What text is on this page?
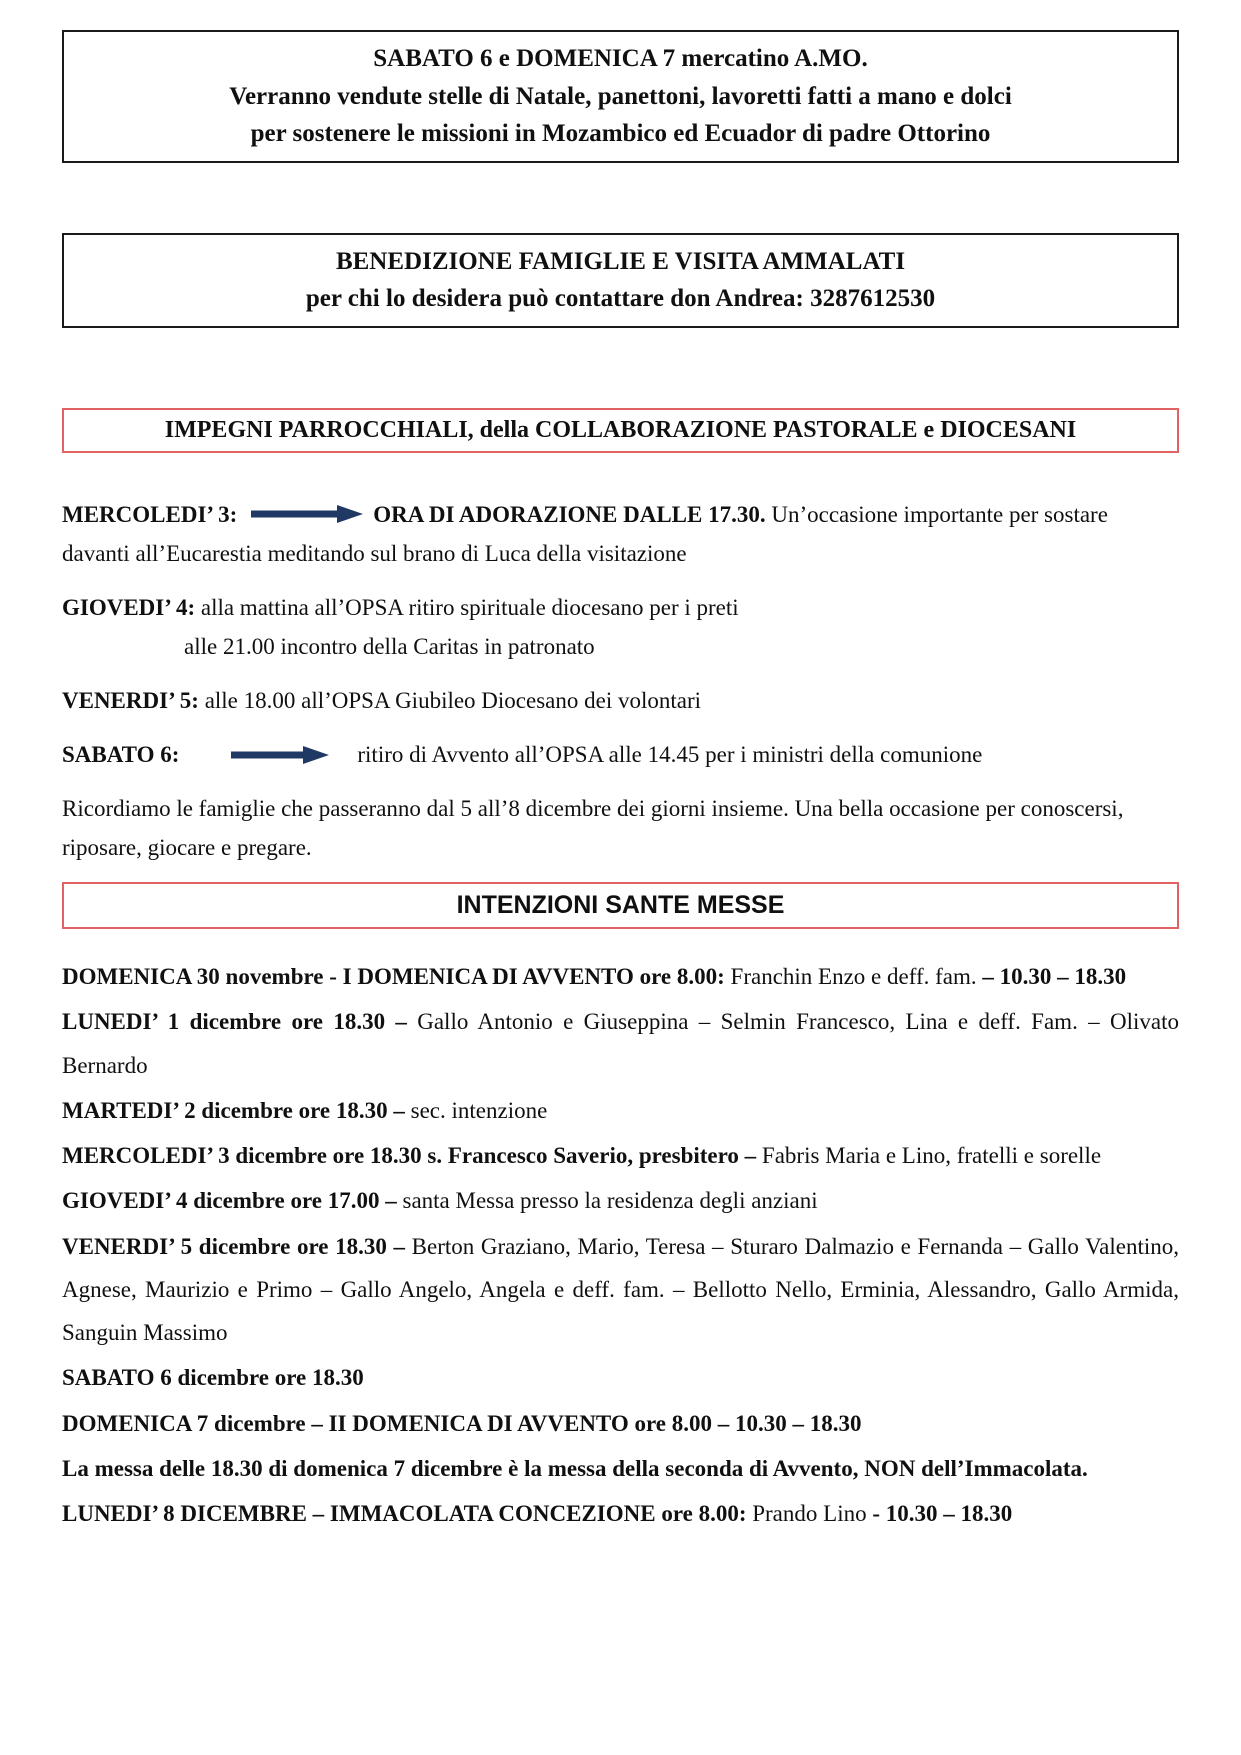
SABATO 6 e DOMENICA 7 mercatino A.MO.

Verranno vendute stelle di Natale, panettoni, lavoretti fatti a mano e dolci

per sostenere le missioni in Mozambico ed Ecuador di padre Ottorino

BENEDIZIONE FAMIGLIE E VISITA AMMALATI

per chi lo desidera può contattare don Andrea: 3287612530

IMPEGNI PARROCCHIALI, della COLLABORAZIONE PASTORALE e DIOCESANI
MERCOLEDI’ 3:	ORA DI ADORAZIONE DALLE 17.30. Un’occasione importante per sostare davanti all’Eucarestia meditando sul brano di Luca della visitazione
GIOVEDI’ 4: alla mattina all’OPSA ritiro spirituale diocesano per i preti
alle 21.00 incontro della Caritas in patronato
VENERDI’ 5: alle 18.00 all’OPSA Giubileo Diocesano dei volontari
SABATO 6:	ritiro di Avvento all’OPSA alle 14.45 per i ministri della comunione
Ricordiamo le famiglie che passeranno dal 5 all’8 dicembre dei giorni insieme. Una bella occasione per conoscersi, riposare, giocare e pregare.
INTENZIONI SANTE MESSE

DOMENICA 30 novembre - I DOMENICA DI AVVENTO ore 8.00: Franchin Enzo e deff. fam. – 10.30 – 18.30

LUNEDI’ 1 dicembre ore 18.30 – Gallo Antonio e Giuseppina – Selmin Francesco, Lina e deff. Fam. – Olivato Bernardo

MARTEDI’ 2 dicembre ore 18.30 – sec. intenzione

MERCOLEDI’ 3 dicembre ore 18.30 s. Francesco Saverio, presbitero – Fabris Maria e Lino, fratelli e sorelle

GIOVEDI’ 4 dicembre ore 17.00 – santa Messa presso la residenza degli anziani

VENERDI’ 5 dicembre ore 18.30 – Berton Graziano, Mario, Teresa – Sturaro Dalmazio e Fernanda – Gallo Valentino, Agnese, Maurizio e Primo – Gallo Angelo, Angela e deff. fam. – Bellotto Nello, Erminia, Alessandro, Gallo Armida, Sanguin Massimo

SABATO 6 dicembre ore 18.30

DOMENICA 7 dicembre – II DOMENICA DI AVVENTO ore 8.00 – 10.30 – 18.30

La messa delle 18.30 di domenica 7 dicembre è la messa della seconda di Avvento, NON dell’Immacolata.

LUNEDI’ 8 DICEMBRE – IMMACOLATA CONCEZIONE ore 8.00: Prando Lino - 10.30 – 18.30
